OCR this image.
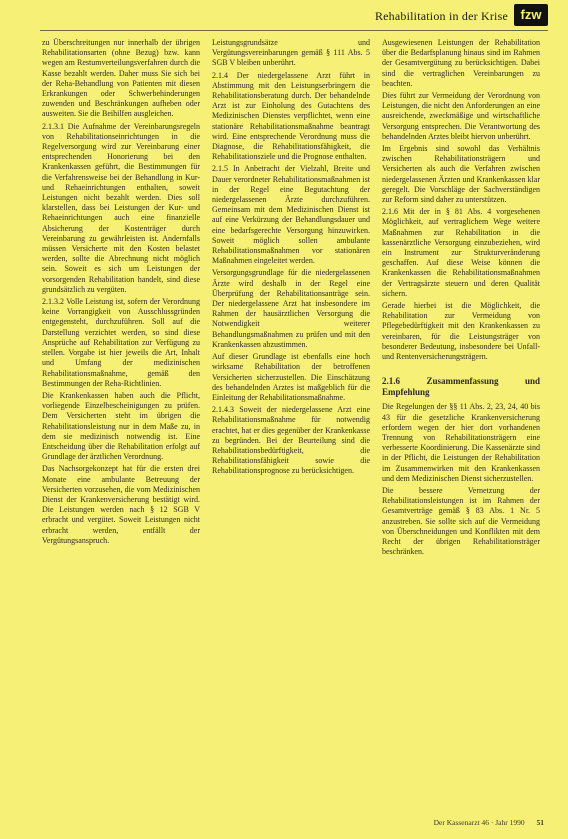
Rehabilitation in der Krise fzw

zu Überschreitungen nur innerhalb der übrigen Rehabilitationsarten (ohne Bezug) bzw. kann wegen am Restumverteilungsverfahren durch die Kasse bezahlt werden. Daher muss Sie sich bei der Reha-Behandlung von Patienten mit diesen Erkrankungen oder Schwerbehinderungen zuwenden und Beschränkungen aufheben oder ausweiten. Sie die Beihilfen ausgleichen.

2.1.3.1 Die Aufnahme der Vereinbarungsregeln von Rehabilitationseinrichtungen in die Regelversorgung wird zur Vereinbarung einer entsprechenden Honorierung bei den Krankenkassen geführt, die Bestimmungen für die Verfahrensweise bei der Behandlung in Kur- und Rehaeinrichtungen enthalten, soweit Leistungen nicht bezahlt werden. Dies soll klarstellen, dass bei Leistungen der Kur- und Rehaeinrichtungen auch eine finanzielle Absicherung der Kostenträger durch Vereinbarung zu gewährleisten ist. Andernfalls müssen Versicherte mit den Kosten belastet werden, sollte die Abrechnung nicht möglich sein. Soweit es sich um Leistungen der vorsorgenden Rehabilitation handelt, sind diese grundsätzlich zu vergüten.

2.1.3.2 Volle Leistung ist, sofern der Verordnung keine Vorrangigkeit von Ausschlussgründen entgegensteht, durchzuführen. Soll auf die Darstellung verzichtet werden, so sind diese Ansprüche auf Rehabilitation zur Verfügung zu stellen. Vorgabe ist hier jeweils die Art, Inhalt und Umfang der medizinischen Rehabilitationsmaßnahme, gemäß den Bestimmungen der Reha-Richtlinien.

Die Krankenkassen haben auch die Pflicht, vorliegende Einzelbescheinigungen zu prüfen. Dem Versicherten steht im übrigen die Rehabilitationsleistung nur in dem Maße zu, in dem sie medizinisch notwendig ist. Eine Entscheidung über die Rehabilitation erfolgt auf Grundlage der ärztlichen Verordnung.

Das Nachsorgekonzept hat für die ersten drei Monate eine ambulante Betreuung der Versicherten vorzusehen, die vom Medizinischen Dienst der Krankenversicherung bestätigt wird. Die Leistungen werden nach § 12 SGB V erbracht und vergütet. Soweit Leistungen nicht erbracht werden, entfällt der Vergütungsanspruch.

Leistungsgrundsätze und Vergütungsvereinbarungen gemäß § 111 Abs. 5 SGB V bleiben unberührt.

2.1.4 Der niedergelassene Arzt führt in Abstimmung mit den Leistungserbringern die Rehabilitationsberatung durch. Der behandelnde Arzt ist zur Einholung des Gutachtens des Medizinischen Dienstes verpflichtet, wenn eine stationäre Rehabilitationsmaßnahme beantragt wird. Eine entsprechende Verordnung muss die Diagnose, die Rehabilitationsfähigkeit, die Rehabilitationsziele und die Prognose enthalten.

2.1.5 In Anbetracht der Vielzahl, Breite und Dauer verordneter Rehabilitationsmaßnahmen ist in der Regel eine Begutachtung der niedergelassenen Ärzte durchzuführen. Gemeinsam mit dem Medizinischen Dienst ist auf eine Verkürzung der Behandlungsdauer und eine bedarfsgerechte Versorgung hinzuwirken. Soweit möglich sollen ambulante Rehabilitationsmaßnahmen vor stationären Maßnahmen eingeleitet werden.

Versorgungsgrundlage für die niedergelassenen Ärzte wird deshalb in der Regel eine Überprüfung der Rehabilitationsanträge sein. Der niedergelassene Arzt hat insbesondere im Rahmen der hausärztlichen Versorgung die Notwendigkeit weiterer Behandlungsmaßnahmen zu prüfen und mit den Krankenkassen abzustimmen.

Auf dieser Grundlage ist ebenfalls eine hoch wirksame Rehabilitation der betroffenen Versicherten sicherzustellen. Die Einschätzung des behandelnden Arztes ist maßgeblich für die Einleitung der Rehabilitationsmaßnahme.

2.1.4.3 Soweit der niedergelassene Arzt eine Rehabilitationsmaßnahme für notwendig erachtet, hat er dies gegenüber der Krankenkasse zu begründen. Bei der Beurteilung sind die Rehabilitationsbedürftigkeit, die Rehabilitationsfähigkeit sowie die Rehabilitationsprognose zu berücksichtigen.

Ausgewiesenen Leistungen der Rehabilitation über die Bedarfsplanung hinaus sind im Rahmen der Gesamtvergütung zu berücksichtigen. Dabei sind die vertraglichen Vereinbarungen zu beachten.

Dies führt zur Vermeidung der Verordnung von Leistungen, die nicht den Anforderungen an eine ausreichende, zweckmäßige und wirtschaftliche Versorgung entsprechen. Die Verantwortung des behandelnden Arztes bleibt hiervon unberührt.

Im Ergebnis sind sowohl das Verhältnis zwischen Rehabilitationsträgern und Versicherten als auch die Verfahren zwischen niedergelassenen Ärzten und Krankenkassen klar geregelt. Die Vorschläge der Sachverständigen zur Reform sind daher zu unterstützen.

2.1.6 Mit der in § 81 Abs. 4 vorgesehenen Möglichkeit, auf vertraglichem Wege weitere Maßnahmen zur Rehabilitation in die kassenärztliche Versorgung einzubeziehen, wird ein Instrument zur Strukturveränderung geschaffen. Auf diese Weise können die Krankenkassen die Rehabilitationsmaßnahmen der Vertragsärzte steuern und deren Qualität sichern.

Gerade hierbei ist die Möglichkeit, die Rehabilitation zur Vermeidung von Pflegebedürftigkeit mit den Krankenkassen zu vereinbaren, für die Leistungsträger von besonderer Bedeutung, insbesondere bei Unfall- und Rentenversicherungsträgern.

2.1.6 Zusammenfassung und Empfehlung

Die Regelungen der §§ 11 Abs. 2, 23, 24, 40 bis 43 für die gesetzliche Krankenversicherung erfordern wegen der hier dort vorhandenen Trennung von Rehabilitationsträgern eine verbesserte Koordinierung. Die Kassenärzte sind in der Pflicht, die Leistungen der Rehabilitation im Zusammenwirken mit den Krankenkassen und dem Medizinischen Dienst sicherzustellen.

Die bessere Vernetzung der Rehabilitationsleistungen ist im Rahmen der Gesamtverträge gemäß § 83 Abs. 1 Nr. 5 anzustreben. Sie sollte sich auf die Vermeidung von Überschneidungen und Konflikten mit dem Recht der übrigen Rehabilitationsträger beschränken.

Der Kassenarzt 46 · Jahr 1990 51
